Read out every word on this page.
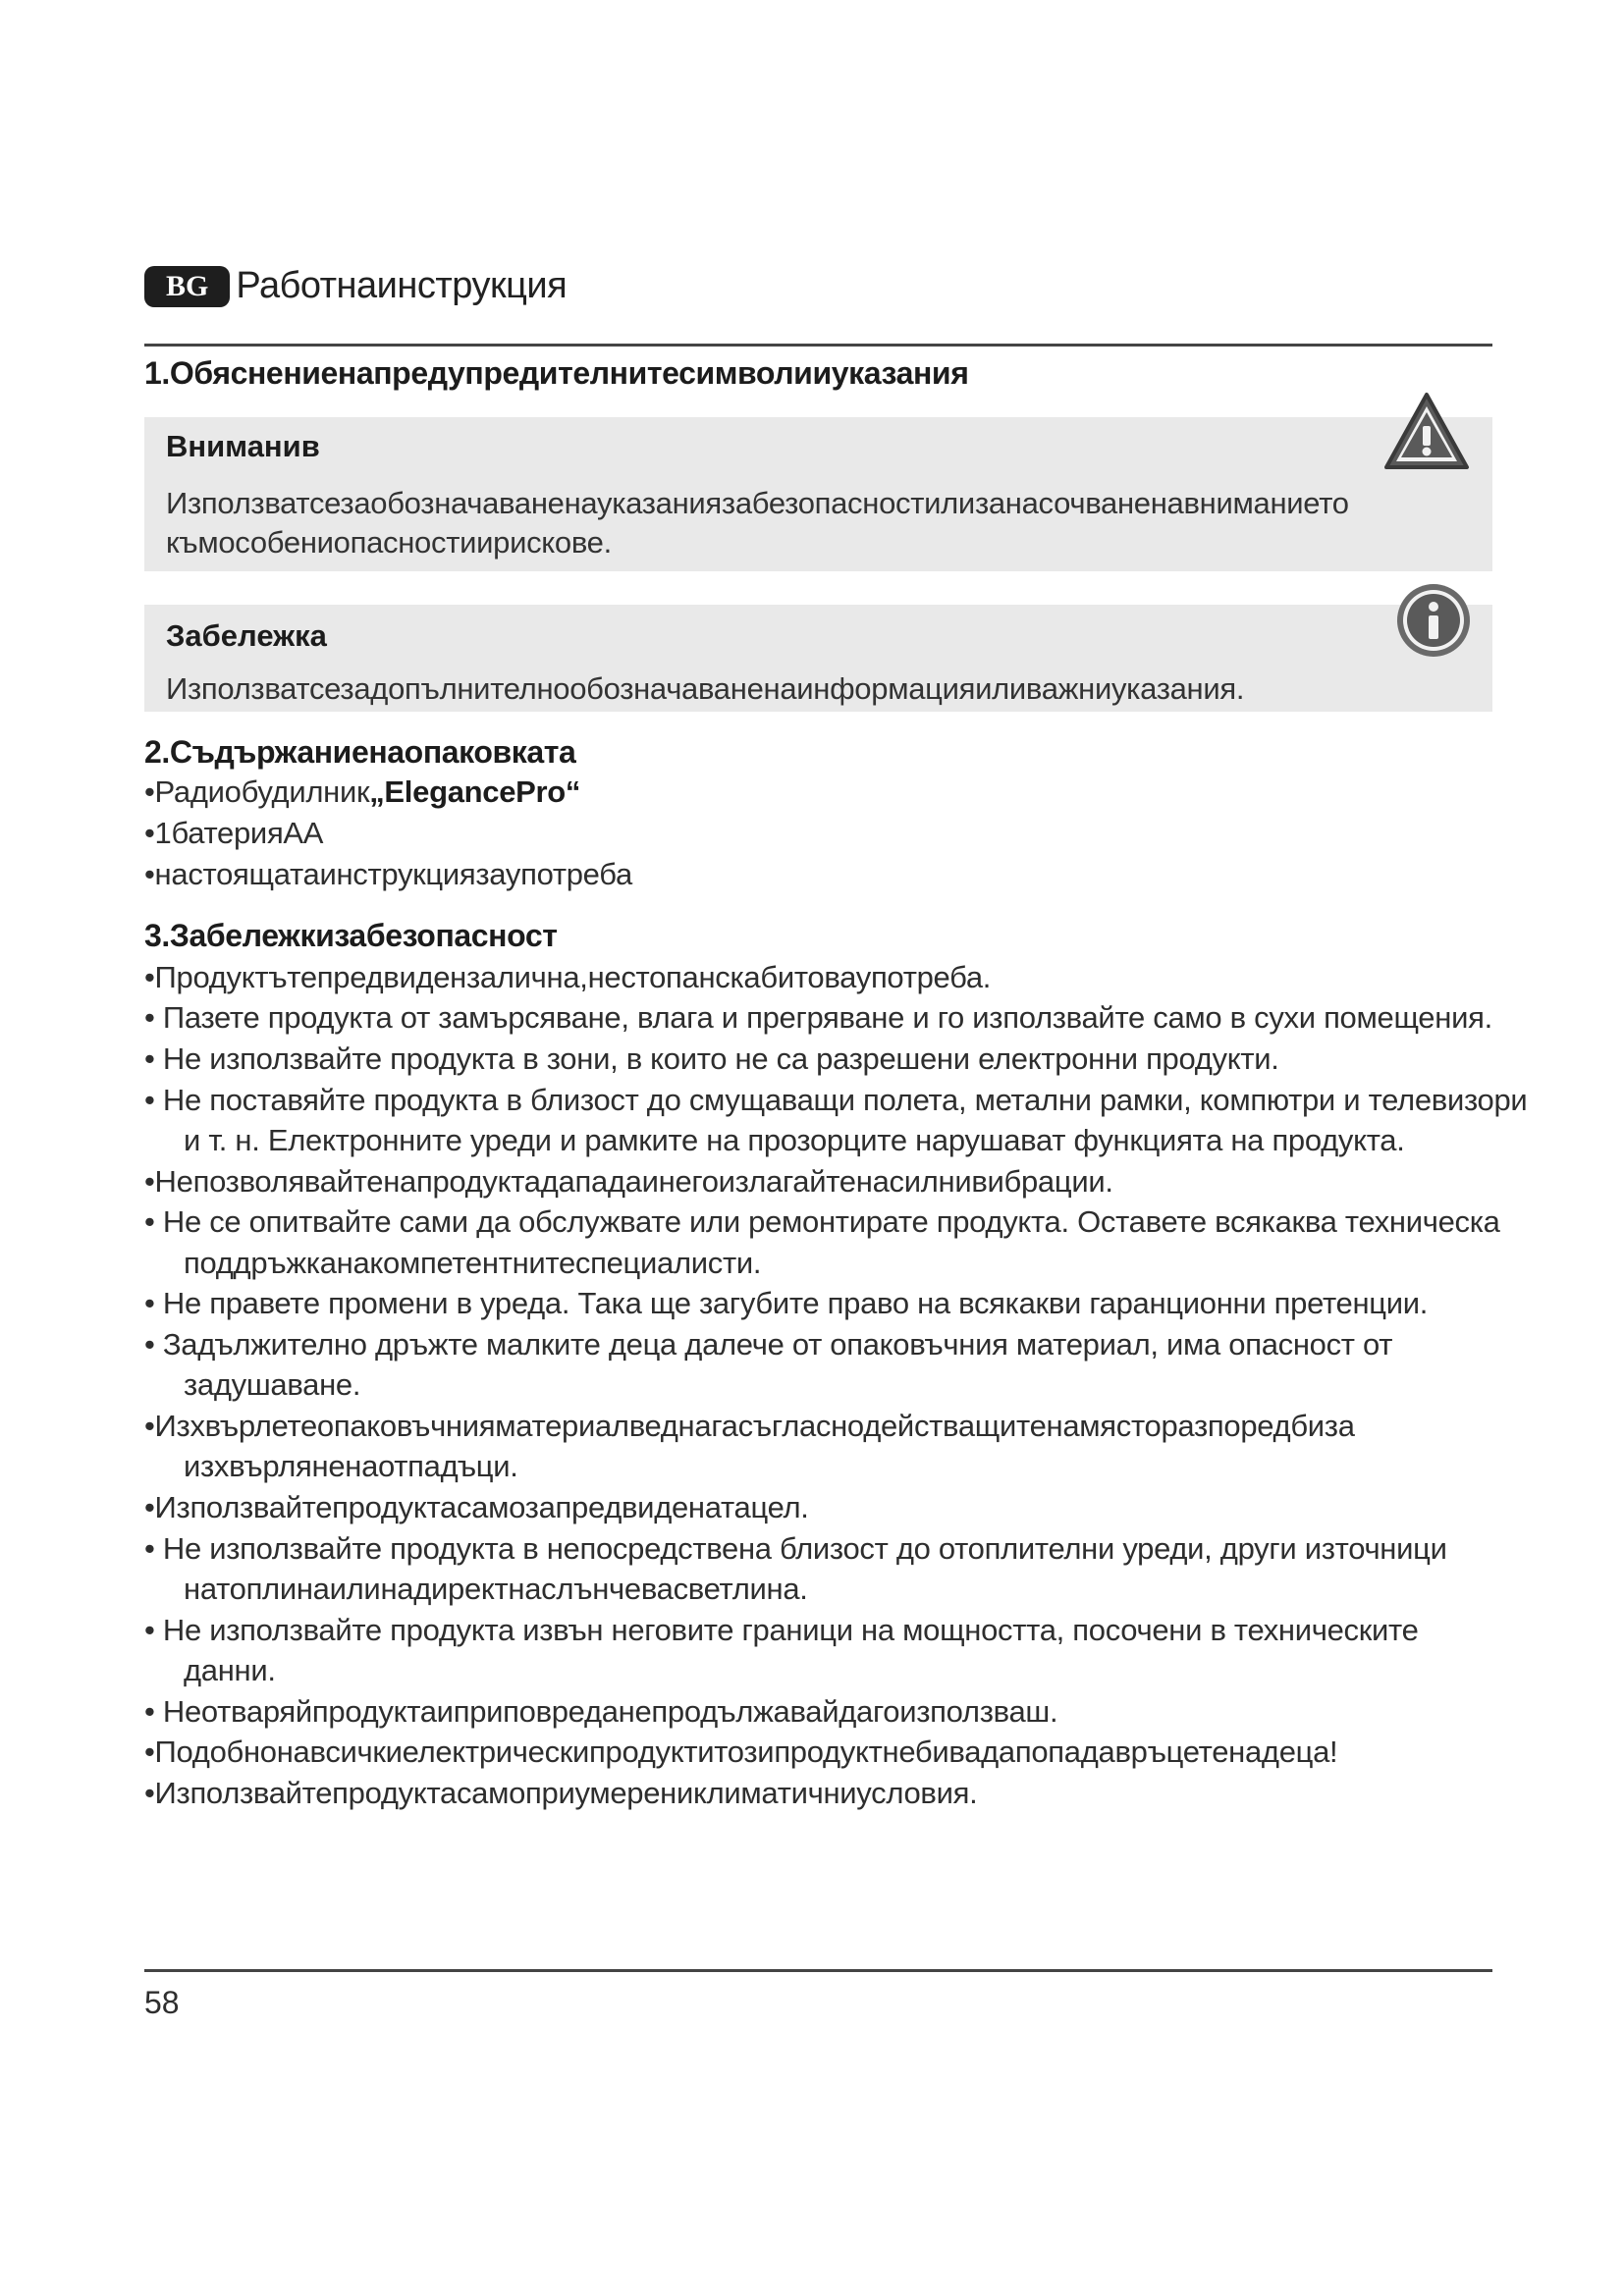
BG Работнаинструкция
1.Обяснениенапредупредителнитесимволииуказания
Вниманив
Използватсезаобозначаваненауказаниязабезопасностилизанасочваненавниманието
къмособениопасностиирискове.
Забележка
Използватсезадопълнителнообозначаваненаинформацияиливажниуказания.
2.Съдържаниенаопаковката
•Радиобудилник„ElegancePro“
•1батерияАА
•настоящатаинструкциязаупотреба
3.Забележкизабезопасност
•Продуктътепредвидензаличнa,нестопанскабитоваупотреба.
• Пазете продукта от замърсяване, влага и прегряване и го използвайте само в сухи помещения.
• Не използвайте продукта в зони, в които не са разрешени електронни продукти.
• Не поставяйте продукта в близост до смущаващи полета, метални рамки, компютри и телевизори
и т. н. Електронните уреди и рамките на прозорците нарушават функцията на продукта.
•Непозволявайтенапродуктадападаинегоизлагайтенасилнивибрации.
• Не се опитвайте сами да обслужвате или ремонтирате продукта. Оставете всякаква техническа
поддръжканакомпетентнитеспециалисти.
• Не правете промени в уреда. Така ще загубите право на всякакви гаранционни претенции.
• Задължително дръжте малките деца далече от опаковъчния материал, има опасност от
задушаване.
•Изхвърлетеопаковъчнияматериалведнагасъгласнодействащитенамясторазпоредбиза
изхвърляненаотпадъци.
•Използвайтепродуктасамозапредвиденатацел.
• Не използвайте продукта в непосредствена близост до отоплителни уреди, други източници
натоплинаилинадиректнаслънчевасветлина.
• Не използвайте продукта извън неговите граници на мощността, посочени в техническите
данни.
• Неотваряйпродуктаиприповреданепродължавайдагоизползваш.
•Подобнонавсичкиелектрическипродуктитозипродуктнебивадапопадавръцетенадеца!
•Използвайтепродуктасамоприумерениклиматичниусловия.
58
